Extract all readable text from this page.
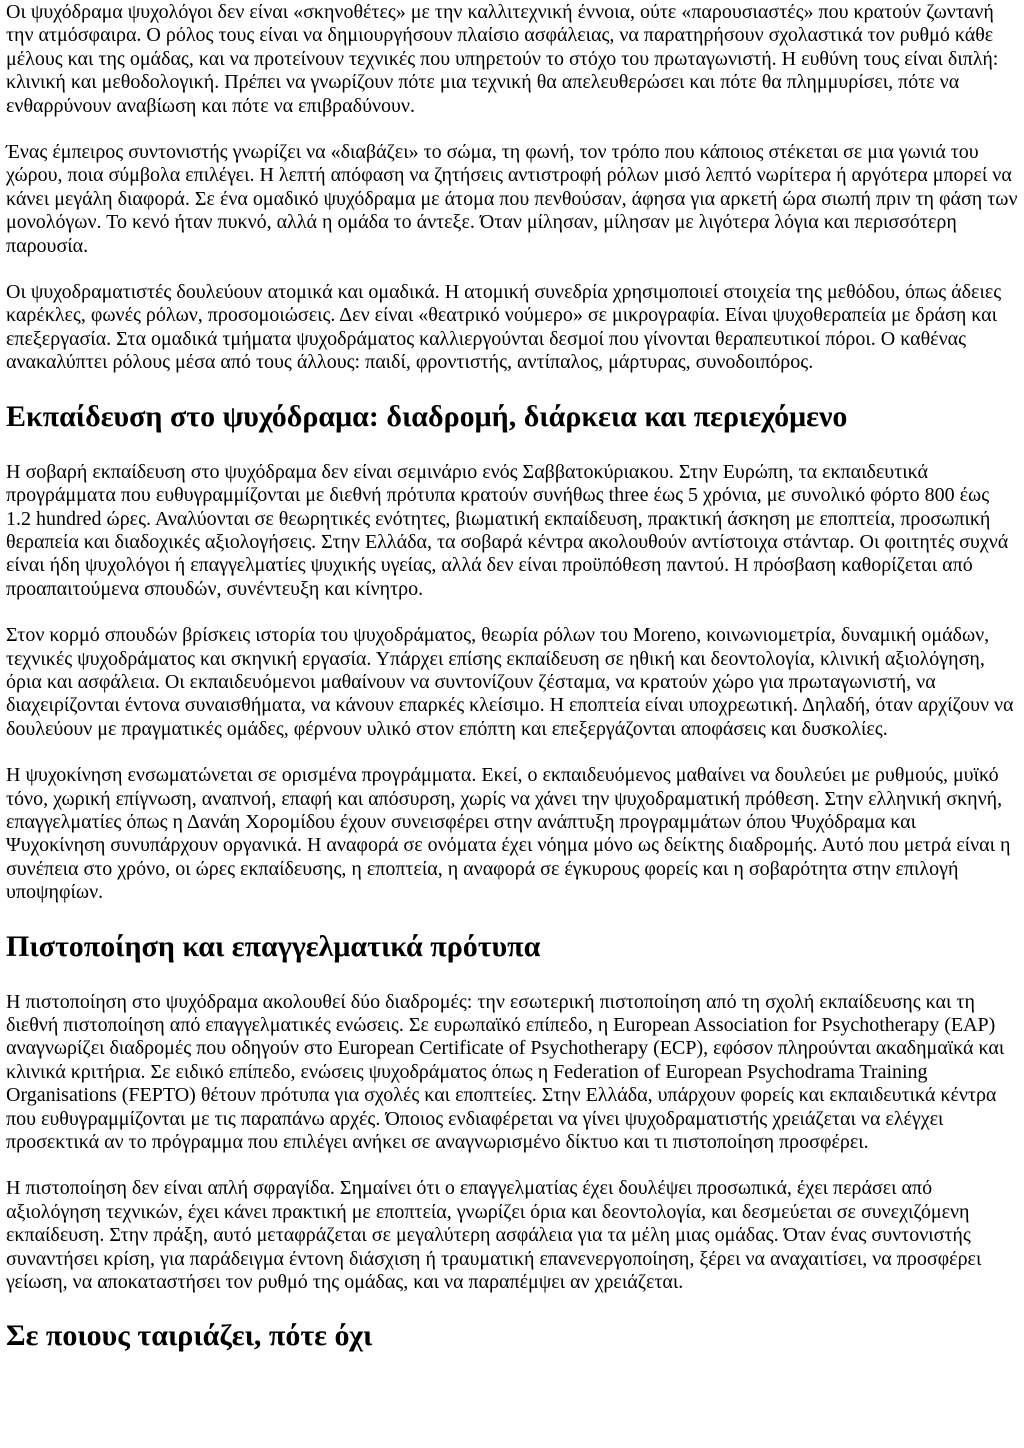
Οι ψυχόδραμα ψυχολόγοι δεν είναι «σκηνοθέτες» με την καλλιτεχνική έννοια, ούτε «παρουσιαστές» που κρατούν ζωντανή την ατμόσφαιρα. Ο ρόλος τους είναι να δημιουργήσουν πλαίσιο ασφάλειας, να παρατηρήσουν σχολαστικά τον ρυθμό κάθε μέλους και της ομάδας, και να προτείνουν τεχνικές που υπηρετούν το στόχο του πρωταγωνιστή. Η ευθύνη τους είναι διπλή: κλινική και μεθοδολογική. Πρέπει να γνωρίζουν πότε μια τεχνική θα απελευθερώσει και πότε θα πλημμυρίσει, πότε να ενθαρρύνουν αναβίωση και πότε να επιβραδύνουν.

Ένας έμπειρος συντονιστής γνωρίζει να «διαβάζει» το σώμα, τη φωνή, τον τρόπο που κάποιος στέκεται σε μια γωνιά του χώρου, ποια σύμβολα επιλέγει. Η λεπτή απόφαση να ζητήσεις αντιστροφή ρόλων μισό λεπτό νωρίτερα ή αργότερα μπορεί να κάνει μεγάλη διαφορά. Σε ένα ομαδικό ψυχόδραμα με άτομα που πενθούσαν, άφησα για αρκετή ώρα σιωπή πριν τη φάση των μονολόγων. Το κενό ήταν πυκνό, αλλά η ομάδα το άντεξε. Όταν μίλησαν, μίλησαν με λιγότερα λόγια και περισσότερη παρουσία.

Οι ψυχοδραματιστές δουλεύουν ατομικά και ομαδικά. Η ατομική συνεδρία χρησιμοποιεί στοιχεία της μεθόδου, όπως άδειες καρέκλες, φωνές ρόλων, προσομοιώσεις. Δεν είναι «θεατρικό νούμερο» σε μικρογραφία. Είναι ψυχοθεραπεία με δράση και επεξεργασία. Στα ομαδικά τμήματα ψυχοδράματος καλλιεργούνται δεσμοί που γίνονται θεραπευτικοί πόροι. Ο καθένας ανακαλύπτει ρόλους μέσα από τους άλλους: παιδί, φροντιστής, αντίπαλος, μάρτυρας, συνοδοιπόρος.

Εκπαίδευση στο ψυχόδραμα: διαδρομή, διάρκεια και περιεχόμενο

Η σοβαρή εκπαίδευση στο ψυχόδραμα δεν είναι σεμινάριο ενός Σαββατοκύριακου. Στην Ευρώπη, τα εκπαιδευτικά προγράμματα που ευθυγραμμίζονται με διεθνή πρότυπα κρατούν συνήθως three έως 5 χρόνια, με συνολικό φόρτο 800 έως 1.2 hundred ώρες. Αναλύονται σε θεωρητικές ενότητες, βιωματική εκπαίδευση, πρακτική άσκηση με εποπτεία, προσωπική θεραπεία και διαδοχικές αξιολογήσεις. Στην Ελλάδα, τα σοβαρά κέντρα ακολουθούν αντίστοιχα στάνταρ. Οι φοιτητές συχνά είναι ήδη ψυχολόγοι ή επαγγελματίες ψυχικής υγείας, αλλά δεν είναι προϋπόθεση παντού. Η πρόσβαση καθορίζεται από προαπαιτούμενα σπουδών, συνέντευξη και κίνητρο.

Στον κορμό σπουδών βρίσκεις ιστορία του ψυχοδράματος, θεωρία ρόλων του Moreno, κοινωνιομετρία, δυναμική ομάδων, τεχνικές ψυχοδράματος και σκηνική εργασία. Υπάρχει επίσης εκπαίδευση σε ηθική και δεοντολογία, κλινική αξιολόγηση, όρια και ασφάλεια. Οι εκπαιδευόμενοι μαθαίνουν να συντονίζουν ζέσταμα, να κρατούν χώρο για πρωταγωνιστή, να διαχειρίζονται έντονα συναισθήματα, να κάνουν επαρκές κλείσιμο. Η εποπτεία είναι υποχρεωτική. Δηλαδή, όταν αρχίζουν να δουλεύουν με πραγματικές ομάδες, φέρνουν υλικό στον επόπτη και επεξεργάζονται αποφάσεις και δυσκολίες.

Η ψυχοκίνηση ενσωματώνεται σε ορισμένα προγράμματα. Εκεί, ο εκπαιδευόμενος μαθαίνει να δουλεύει με ρυθμούς, μυϊκό τόνο, χωρική επίγνωση, αναπνοή, επαφή και απόσυρση, χωρίς να χάνει την ψυχοδραματική πρόθεση. Στην ελληνική σκηνή, επαγγελματίες όπως η Δανάη Χορομίδου έχουν συνεισφέρει στην ανάπτυξη προγραμμάτων όπου Ψυχόδραμα και Ψυχοκίνηση συνυπάρχουν οργανικά. Η αναφορά σε ονόματα έχει νόημα μόνο ως δείκτης διαδρομής. Αυτό που μετρά είναι η συνέπεια στο χρόνο, οι ώρες εκπαίδευσης, η εποπτεία, η αναφορά σε έγκυρους φορείς και η σοβαρότητα στην επιλογή υποψηφίων.

Πιστοποίηση και επαγγελματικά πρότυπα

Η πιστοποίηση στο ψυχόδραμα ακολουθεί δύο διαδρομές: την εσωτερική πιστοποίηση από τη σχολή εκπαίδευσης και τη διεθνή πιστοποίηση από επαγγελματικές ενώσεις. Σε ευρωπαϊκό επίπεδο, η European Association for Psychotherapy (EAP) αναγνωρίζει διαδρομές που οδηγούν στο European Certificate of Psychotherapy (ECP), εφόσον πληρούνται ακαδημαϊκά και κλινικά κριτήρια. Σε ειδικό επίπεδο, ενώσεις ψυχοδράματος όπως η Federation of European Psychodrama Training Organisations (FEPTO) θέτουν πρότυπα για σχολές και εποπτείες. Στην Ελλάδα, υπάρχουν φορείς και εκπαιδευτικά κέντρα που ευθυγραμμίζονται με τις παραπάνω αρχές. Όποιος ενδιαφέρεται να γίνει ψυχοδραματιστής χρειάζεται να ελέγχει προσεκτικά αν το πρόγραμμα που επιλέγει ανήκει σε αναγνωρισμένο δίκτυο και τι πιστοποίηση προσφέρει.

Η πιστοποίηση δεν είναι απλή σφραγίδα. Σημαίνει ότι ο επαγγελματίας έχει δουλέψει προσωπικά, έχει περάσει από αξιολόγηση τεχνικών, έχει κάνει πρακτική με εποπτεία, γνωρίζει όρια και δεοντολογία, και δεσμεύεται σε συνεχιζόμενη εκπαίδευση. Στην πράξη, αυτό μεταφράζεται σε μεγαλύτερη ασφάλεια για τα μέλη μιας ομάδας. Όταν ένας συντονιστής συναντήσει κρίση, για παράδειγμα έντονη διάσχιση ή τραυματική επανενεργοποίηση, ξέρει να αναχαιτίσει, να προσφέρει γείωση, να αποκαταστήσει τον ρυθμό της ομάδας, και να παραπέμψει αν χρειάζεται.

Σε ποιους ταιριάζει, πότε όχι
